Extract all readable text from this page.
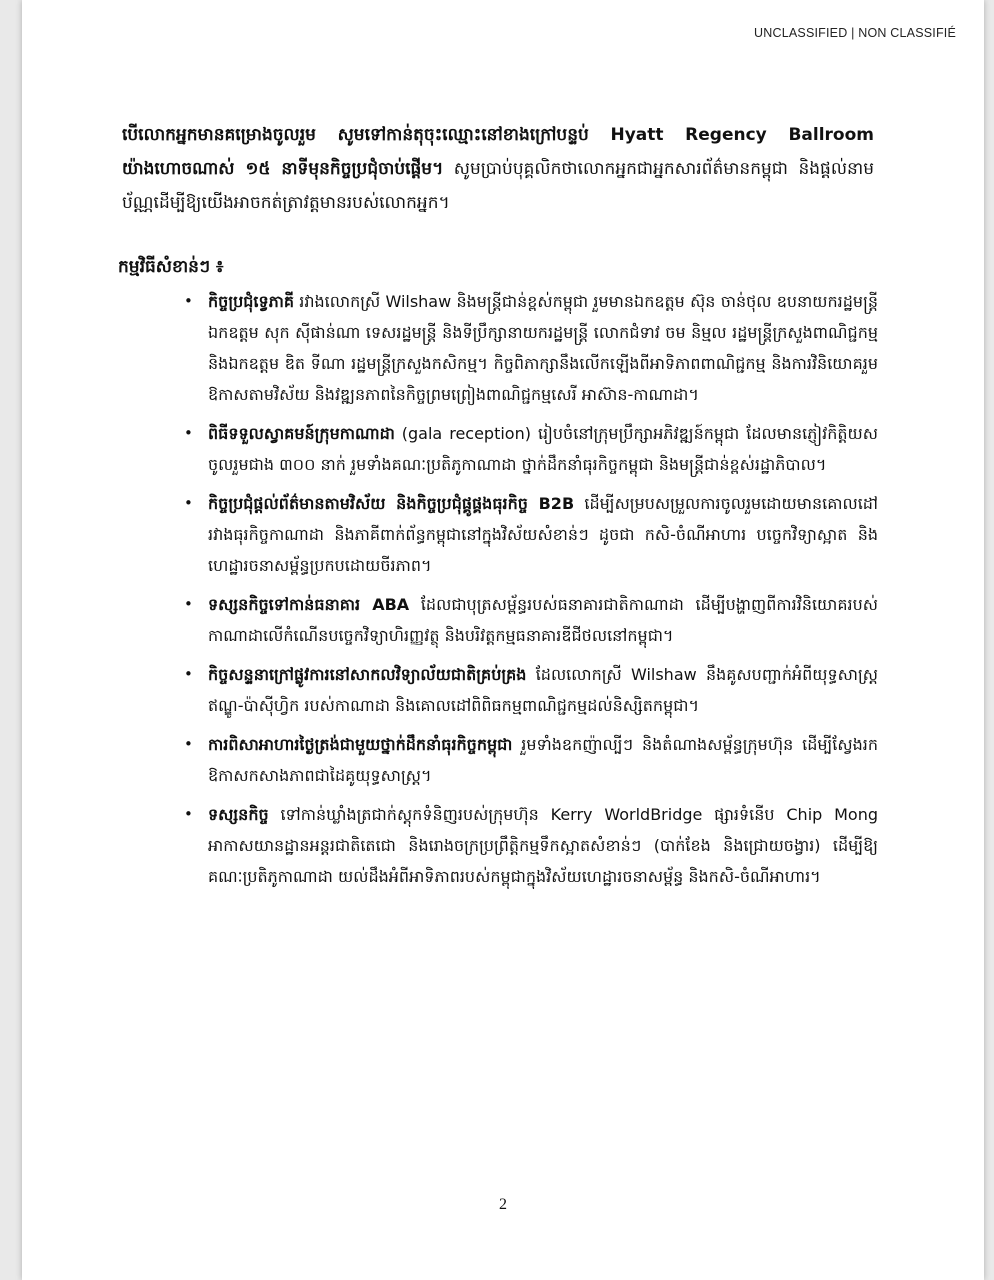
UNCLASSIFIED | NON CLASSIFIÉ

បើលោកអ្នកមានគម្រោងចូលរួម សូមទៅកាន់តុចុះឈ្មោះនៅខាងក្រៅបន្ទប់ Hyatt Regency Ballroom យ៉ាងហោចណាស់ ១៥ នាទីមុនកិច្ចប្រជុំចាប់ផ្តើម។ សូមប្រាប់បុគ្គលិកថាលោកអ្នកជាអ្នកសារព័ត៌មានកម្ពុជា និងផ្តល់នាមប័ណ្ណដើម្បីឱ្យយើងអាចកត់ត្រាវត្តមានរបស់លោកអ្នក។

កម្មវិធីសំខាន់ៗ ៖
• កិច្ចប្រជុំទ្វេភាគី រវាងលោកស្រី Wilshaw និងមន្ត្រីជាន់ខ្ពស់កម្ពុជា រួមមានឯកឧត្តម ស៊ុន ចាន់ថុល ឧបនាយករដ្ឋមន្ត្រី ឯកឧត្តម សុក ស៊ីផាន់ណា ទេសរដ្ឋមន្ត្រី និងទីប្រឹក្សានាយករដ្ឋមន្ត្រី លោកជំទាវ ចម និម្មល រដ្ឋមន្ត្រីក្រសួងពាណិជ្ជកម្ម និងឯកឧត្តម ឌិត ទីណា រដ្ឋមន្ត្រីក្រសួងកសិកម្ម។ កិច្ចពិភាក្សានឹងលើកឡើងពីអាទិភាពពាណិជ្ជកម្ម និងការវិនិយោគរួម ឱកាសតាមវិស័យ និងវឌ្ឍនភាពនៃកិច្ចព្រមព្រៀងពាណិជ្ជកម្មសេរី អាស៊ាន-កាណាដា។
• ពិធីទទួលស្វាគមន៍ក្រុមកាណាដា (gala reception) រៀបចំនៅក្រុមប្រឹក្សាអភិវឌ្ឍន៍កម្ពុជា ដែលមានភ្ញៀវកិត្តិយសចូលរួមជាង ៣០០ នាក់ រួមទាំងគណៈប្រតិភូកាណាដា ថ្នាក់ដឹកនាំធុរកិច្ចកម្ពុជា និងមន្ត្រីជាន់ខ្ពស់រដ្ឋាភិបាល។
• កិច្ចប្រជុំផ្តល់ព័ត៌មានតាមវិស័យ និងកិច្ចប្រជុំផ្គូផ្គងធុរកិច្ច B2B ដើម្បីសម្របសម្រួលការចូលរួមដោយមានគោលដៅរវាងធុរកិច្ចកាណាដា និងភាគីពាក់ព័ន្ធកម្ពុជានៅក្នុងវិស័យសំខាន់ៗ ដូចជា កសិ-ចំណីអាហារ បច្ចេកវិទ្យាស្អាត និងហេដ្ឋារចនាសម្ព័ន្ធប្រកបដោយចីរភាព។
• ទស្សនកិច្ចទៅកាន់ធនាគារ ABA ដែលជាបុត្រសម្ព័ន្ធរបស់ធនាគារជាតិកាណាដា ដើម្បីបង្ហាញពីការវិនិយោគរបស់កាណាដាលើកំណើនបច្ចេកវិទ្យាហិរញ្ញវត្ថុ និងបរិវត្តកម្មធនាគារឌីជីថលនៅកម្ពុជា។
• កិច្ចសន្ទនាក្រៅផ្លូវការនៅសាកលវិទ្យាល័យជាតិគ្រប់គ្រង ដែលលោកស្រី Wilshaw នឹងគូសបញ្ជាក់អំពីយុទ្ធសាស្ត្រ ឥណ្ឌូ-ប៉ាស៊ីហ្វិក របស់កាណាដា និងគោលដៅពិពិធកម្មពាណិជ្ជកម្មដល់និស្សិតកម្ពុជា។
• ការពិសាអាហារថ្ងៃត្រង់ជាមួយថ្នាក់ដឹកនាំធុរកិច្ចកម្ពុជា រួមទាំងឧកញ៉ាល្បីៗ និងតំណាងសម្ព័ន្ធក្រុមហ៊ុន ដើម្បីស្វែងរកឱកាសកសាងភាពជាដៃគូយុទ្ធសាស្ត្រ។
• ទស្សនកិច្ច ទៅកាន់ឃ្លាំងត្រជាក់ស្តុកទំនិញរបស់ក្រុមហ៊ុន Kerry WorldBridge ផ្សារទំនើប Chip Mong អាកាសយានដ្ឋានអន្តរជាតិតេជោ និងរោងចក្រប្រព្រឹត្តិកម្មទឹកស្អាតសំខាន់ៗ (បាក់ខែង និងជ្រោយចង្វារ) ដើម្បីឱ្យគណៈប្រតិភូកាណាដា យល់ដឹងអំពីអាទិភាពរបស់កម្ពុជាក្នុងវិស័យហេដ្ឋារចនាសម្ព័ន្ធ និងកសិ-ចំណីអាហារ។
2
